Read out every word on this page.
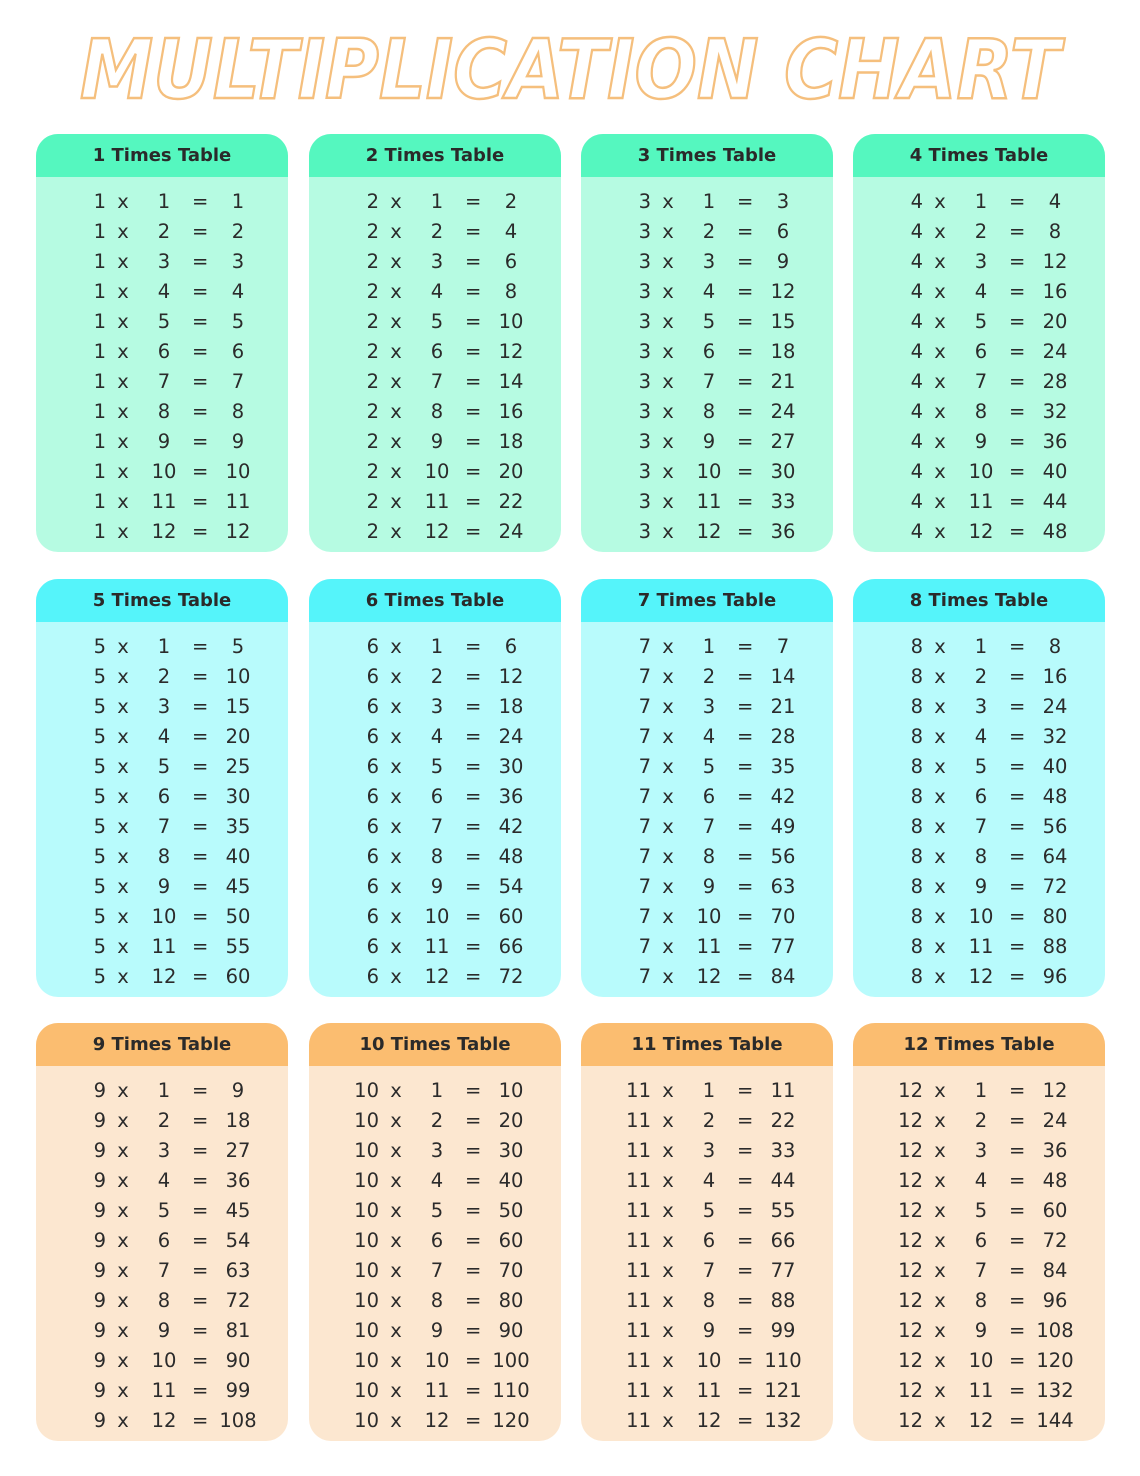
MULTIPLICATION CHART
1 Times Table
1 x	1	=	1
1 x	2	=	2
1 x	3	=	3
1 x	4	=	4
1 x	5	=	5
1 x	6	=	6
1 x	7	=	7
1 x	8	=	8
1 x	9	=	9
1 x	10 = 10
1 x	11 = 11
1 x	12 = 12
2 Times Table
2 x	1	=	2
2 x	2	=	4
2 x	3	=	6
2 x	4	=	8
2 x	5	= 10
2 x	6	= 12
2 x	7	= 14
2 x	8	= 16
2 x	9	= 18
2 x	10 = 20
2 x	11 = 22
2 x	12 = 24
3 Times Table
3 x	1	=	3
3 x	2	=	6
3 x	3	=	9
3 x	4	= 12
3 x	5	= 15
3 x	6	= 18
3 x	7	= 21
3 x	8	= 24
3 x	9	= 27
3 x	10 = 30
3 x	11 = 33
3 x	12 = 36
4 Times Table
4 x	1	=	4
4 x	2	=	8
4 x	3	= 12
4 x	4	= 16
4 x	5	= 20
4 x	6	= 24
4 x	7	= 28
4 x	8	= 32
4 x	9	= 36
4 x	10 = 40
4 x	11 = 44
4 x	12 = 48
5 Times Table
5 x	1	=	5
5 x	2	= 10
5 x	3	= 15
5 x	4	= 20
5 x	5	= 25
5 x	6	= 30
5 x	7	= 35
5 x	8	= 40
5 x	9	= 45
5 x	10 = 50
5 x	11 = 55
5 x	12 = 60
6 Times Table
6 x	1	=	6
6 x	2	= 12
6 x	3	= 18
6 x	4	= 24
6 x	5	= 30
6 x	6	= 36
6 x	7	= 42
6 x	8	= 48
6 x	9	= 54
6 x	10 = 60
6 x	11 = 66
6 x	12 = 72
7 Times Table
7 x	1	=	7
7 x	2	= 14
7 x	3	= 21
7 x	4	= 28
7 x	5	= 35
7 x	6	= 42
7 x	7	= 49
7 x	8	= 56
7 x	9	= 63
7 x	10 = 70
7 x	11 = 77
7 x	12 = 84
8 Times Table
8 x	1	=	8
8 x	2	= 16
8 x	3	= 24
8 x	4	= 32
8 x	5	= 40
8 x	6	= 48
8 x	7	= 56
8 x	8	= 64
8 x	9	= 72
8 x	10 = 80
8 x	11 = 88
8 x	12 = 96
9 Times Table
9 x	1	=	9
9 x	2	= 18
9 x	3	= 27
9 x	4	= 36
9 x	5	= 45
9 x	6	= 54
9 x	7	= 63
9 x	8	= 72
9 x	9	= 81
9 x	10 = 90
9 x	11 = 99
9 x	12 = 108
10 Times Table
10 x	1	= 10
10 x	2	= 20
10 x	3	= 30
10 x	4	= 40
10 x	5	= 50
10 x	6	= 60
10 x	7	= 70
10 x	8	= 80
10 x	9	= 90
10 x	10 = 100
10 x	11 = 110
10 x	12 = 120
11 Times Table
11 x	1	= 11
11 x	2	= 22
11 x	3	= 33
11 x	4	= 44
11 x	5	= 55
11 x	6	= 66
11 x	7	= 77
11 x	8	= 88
11 x	9	= 99
11 x	10 = 110
11 x	11 = 121
11 x	12 = 132
12 Times Table
12 x	1	= 12
12 x	2	= 24
12 x	3	= 36
12 x	4	= 48
12 x	5	= 60
12 x	6	= 72
12 x	7	= 84
12 x	8	= 96
12 x	9	= 108
12 x	10 = 120
12 x	11 = 132
12 x	12 = 144
